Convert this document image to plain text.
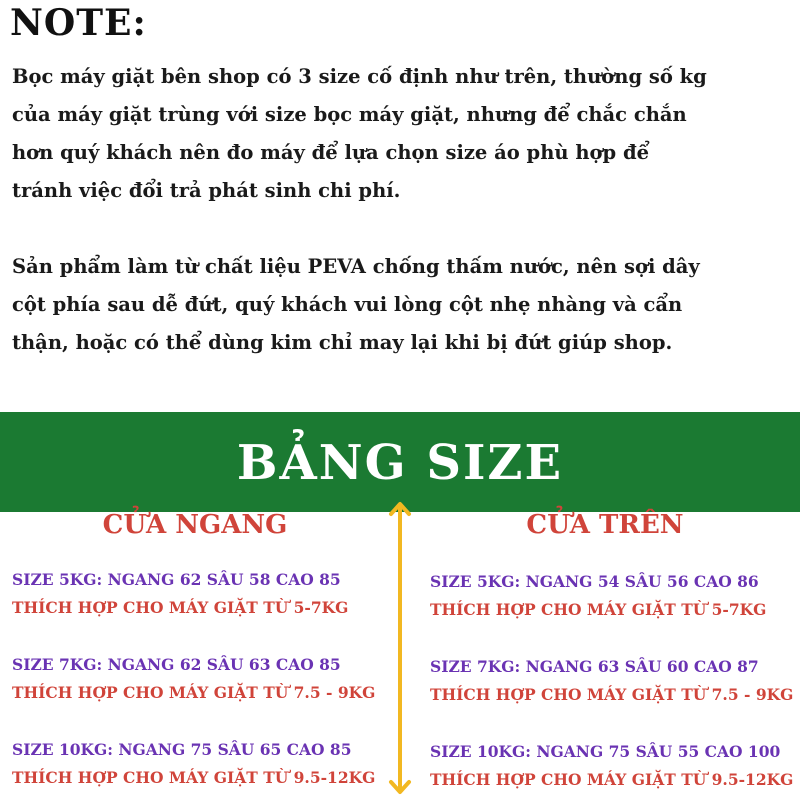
NOTE:
Bọc máy giặt bên shop có 3 size cố định như trên, thường số kg
của máy giặt trùng với size bọc máy giặt, nhưng để chắc chắn
hơn quý khách nên đo máy để lựa chọn size áo phù hợp để
tránh việc đổi trả phát sinh chi phí.
Sản phẩm làm từ chất liệu PEVA chống thấm nước, nên sợi dây
cột phía sau dễ đứt, quý khách vui lòng cột nhẹ nhàng và cẩn
thận, hoặc có thể dùng kim chỉ may lại khi bị đứt giúp shop.
BẢNG SIZE
CỬA NGANG	CỬA TRÊN
SIZE 5KG: NGANG 62 SÂU 58 CAO 85
THÍCH HỢP CHO MÁY GIẶT TỪ 5-7KG
SIZE 7KG: NGANG 62 SÂU 63 CAO 85
THÍCH HỢP CHO MÁY GIẶT TỪ 7.5 - 9KG
SIZE 10KG: NGANG 75 SÂU 65 CAO 85
THÍCH HỢP CHO MÁY GIẶT TỪ 9.5-12KG
SIZE 5KG: NGANG 54 SÂU 56 CAO 86
THÍCH HỢP CHO MÁY GIẶT TỪ 5-7KG
SIZE 7KG: NGANG 63 SÂU 60 CAO 87
THÍCH HỢP CHO MÁY GIẶT TỪ 7.5 - 9KG
SIZE 10KG: NGANG 75 SÂU 55 CAO 100
THÍCH HỢP CHO MÁY GIẶT TỪ 9.5-12KG
